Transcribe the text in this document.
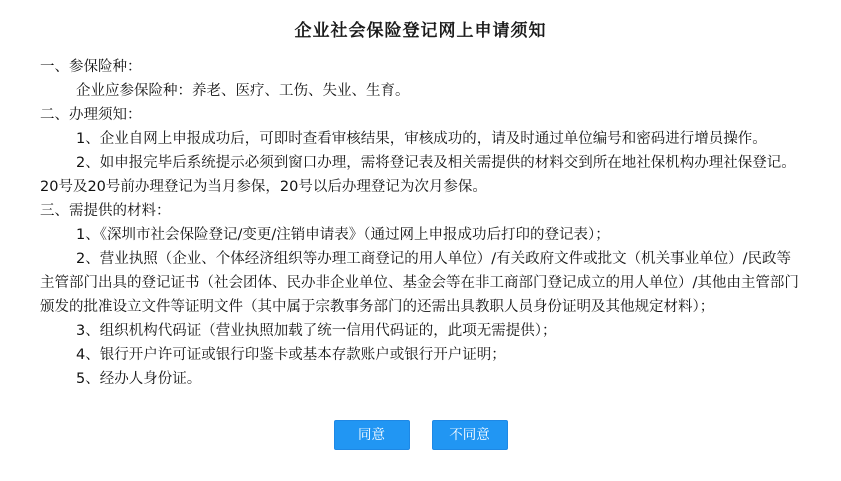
企业社会保险登记网上申请须知

一、参保险种：

企业应参保险种：养老、医疗、工伤、失业、生育。

二、办理须知：

1、企业自网上申报成功后，可即时查看审核结果，审核成功的，请及时通过单位编号和密码进行增员操作。

2、如申报完毕后系统提示必须到窗口办理，需将登记表及相关需提供的材料交到所在地社保机构办理社保登记。

20号及20号前办理登记为当月参保，20号以后办理登记为次月参保。

三、需提供的材料：

1、《深圳市社会保险登记/变更/注销申请表》（通过网上申报成功后打印的登记表）；

2、营业执照（企业、个体经济组织等办理工商登记的用人单位）/有关政府文件或批文（机关事业单位）/民政等主管部门出具的登记证书（社会团体、民办非企业单位、基金会等在非工商部门登记成立的用人单位）/其他由主管部门颁发的批准设立文件等证明文件（其中属于宗教事务部门的还需出具教职人员身份证明及其他规定材料）；

3、组织机构代码证（营业执照加载了统一信用代码证的，此项无需提供）；

4、银行开户许可证或银行印鉴卡或基本存款账户或银行开户证明；

5、经办人身份证。

同意	不同意
